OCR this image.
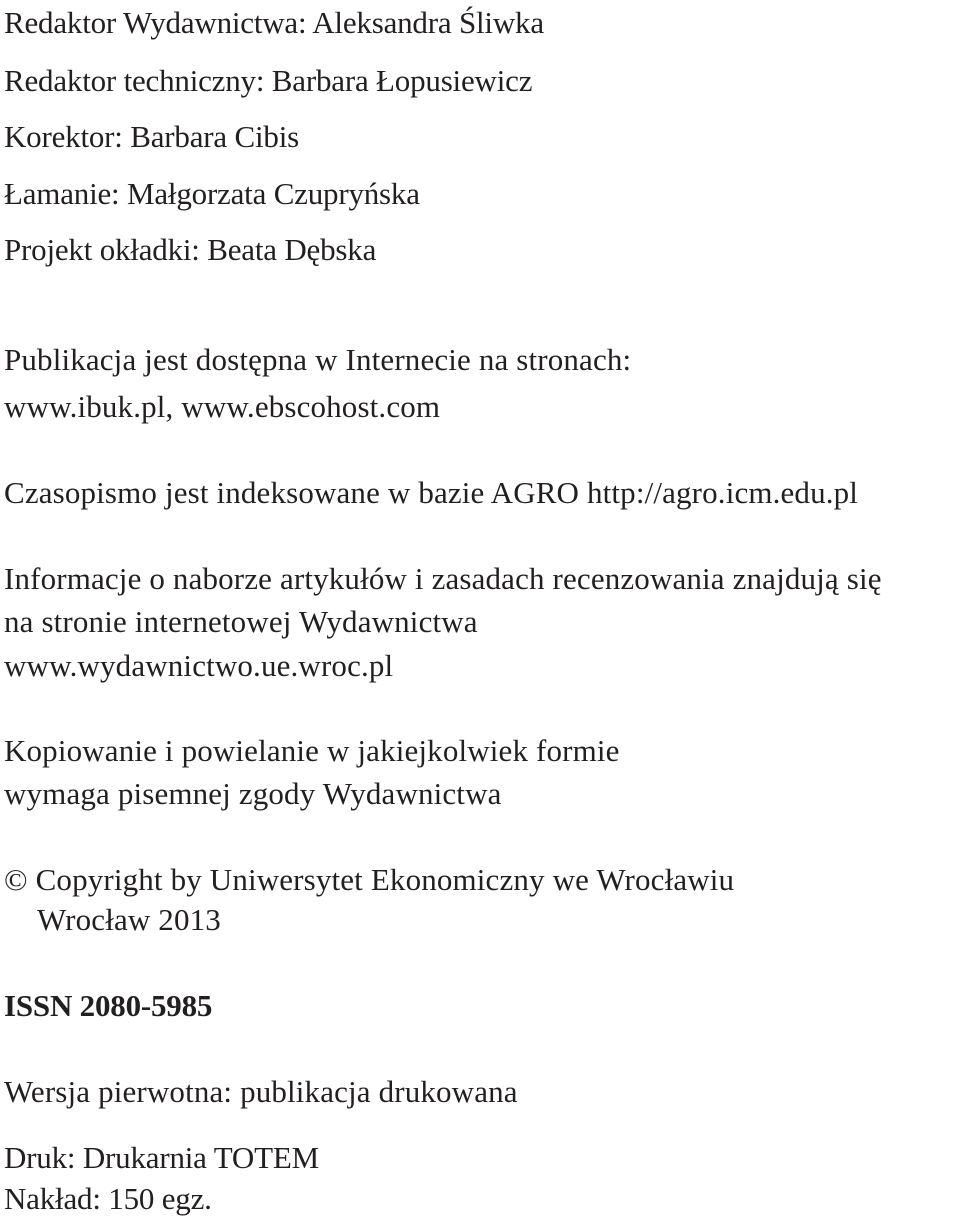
Redaktor Wydawnictwa: Aleksandra Śliwka
Redaktor techniczny: Barbara Łopusiewicz
Korektor: Barbara Cibis
Łamanie: Małgorzata Czupryńska
Projekt okładki: Beata Dębska
Publikacja jest dostępna w Internecie na stronach:
www.ibuk.pl, www.ebscohost.com
Czasopismo jest indeksowane w bazie AGRO http://agro.icm.edu.pl
Informacje o naborze artykułów i zasadach recenzowania znajdują się
na stronie internetowej Wydawnictwa
www.wydawnictwo.ue.wroc.pl
Kopiowanie i powielanie w jakiejkolwiek formie
wymaga pisemnej zgody Wydawnictwa
© Copyright by Uniwersytet Ekonomiczny we Wrocławiu
Wrocław 2013
ISSN 2080-5985
Wersja pierwotna: publikacja drukowana
Druk: Drukarnia TOTEM
Nakład: 150 egz.
